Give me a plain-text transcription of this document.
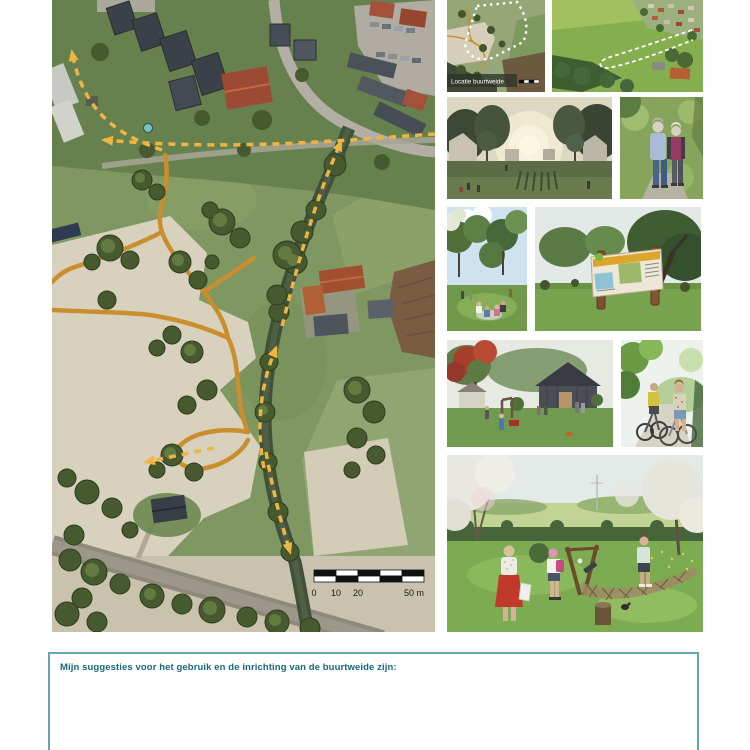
0 10 20	50 m
Locatie buurtweide
Mijn suggesties voor het gebruik en de inrichting van de buurtweide zijn:
